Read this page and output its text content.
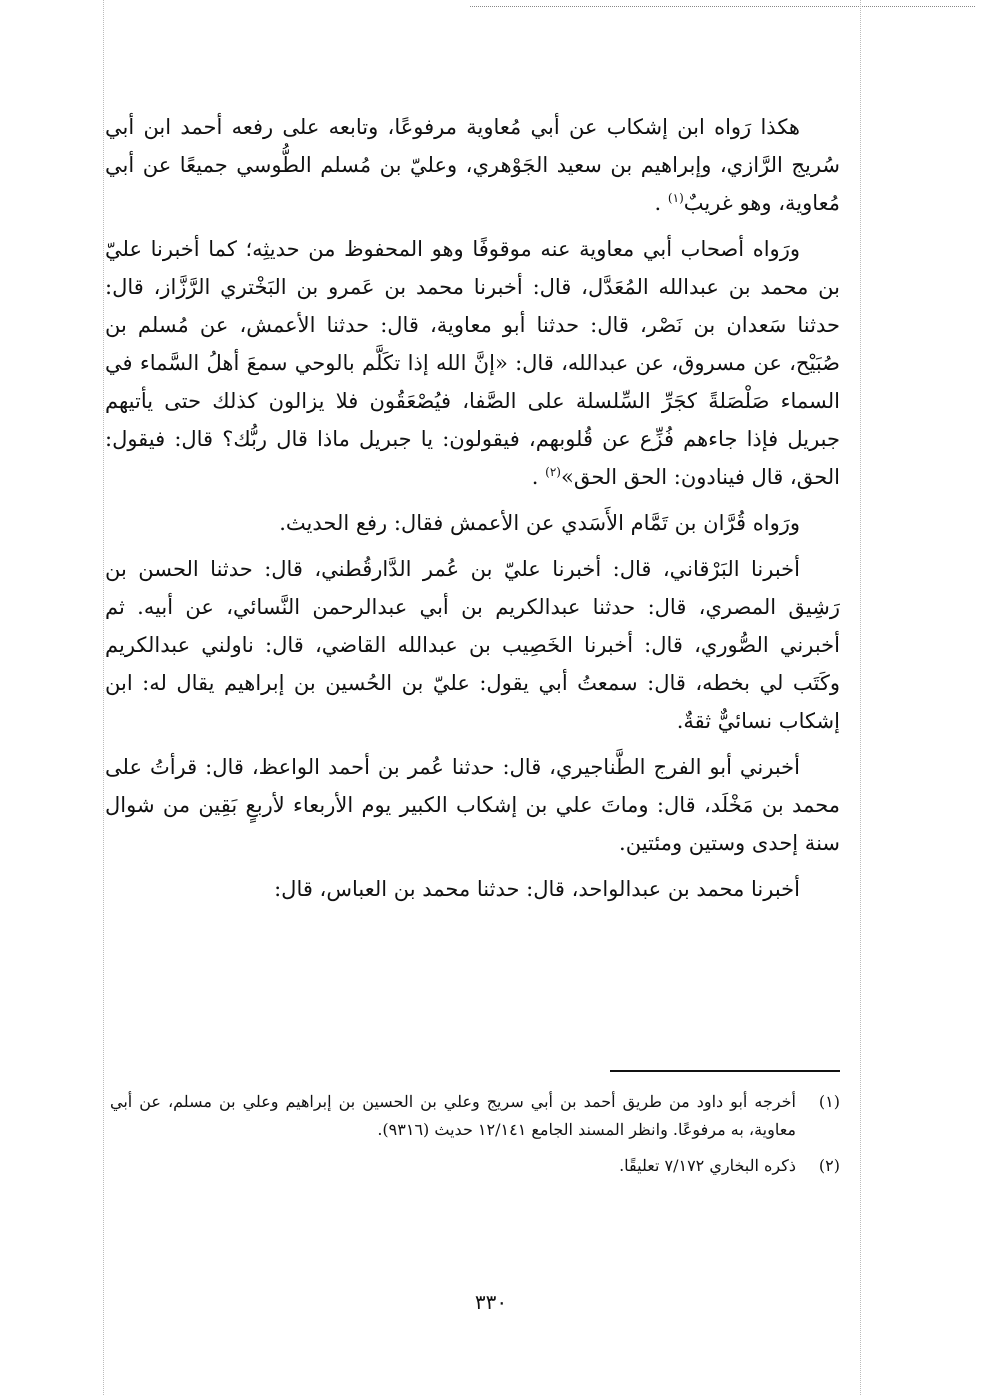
هكذا رَواه ابن إشكاب عن أبي مُعاوية مرفوعًا، وتابعه على رفعه أحمد ابن أبي سُريج الرَّازي، وإبراهيم بن سعيد الجَوْهري، وعليّ بن مُسلم الطُّوسي جميعًا عن أبي مُعاوية، وهو غريبٌ$^{(١)}$ .

ورَواه أصحاب أبي معاوية عنه موقوفًا وهو المحفوظ من حديثِه؛ كما أخبرنا عليّ بن محمد بن عبدالله المُعَدَّل، قال: أخبرنا محمد بن عَمرو بن البَخْتري الرَّزَّاز، قال: حدثنا سَعدان بن نَصْر، قال: حدثنا أبو معاوية، قال: حدثنا الأعمش، عن مُسلم بن صُبَيْح، عن مسروق، عن عبدالله، قال: «إنَّ الله إذا تكَلَّم بالوحي سمعَ أهلُ السَّماء في السماء صَلْصَلةً كجَرِّ السِّلسلة على الصَّفا، فيُصْعَقُون فلا يزالون كذلك حتى يأتيهم جبريل فإذا جاءهم فُزِّع عن قُلوبهم، فيقولون: يا جبريل ماذا قال ربُّك؟ قال: فيقول: الحق، قال فينادون: الحق الحق»$^{(٢)}$ .

ورَواه قُرَّان بن تَمَّام الأَسَدي عن الأعمش فقال: رفع الحديث.

أخبرنا البَرْقاني، قال: أخبرنا عليّ بن عُمر الدَّارقُطني، قال: حدثنا الحسن بن رَشِيق المصري، قال: حدثنا عبدالكريم بن أبي عبدالرحمن النَّسائي، عن أبيه. ثم أخبرني الصُّوري، قال: أخبرنا الخَصِيب بن عبدالله القاضي، قال: ناولني عبدالكريم وكَتَب لي بخطه، قال: سمعتُ أبي يقول: عليّ بن الحُسين بن إبراهيم يقال له: ابن إشكاب نسائيٌّ ثقةٌ.

أخبرني أبو الفرج الطَّناجيري، قال: حدثنا عُمر بن أحمد الواعظ، قال: قرأتُ على محمد بن مَخْلَد، قال: وماتَ علي بن إشكاب الكبير يوم الأربعاء لأربعٍ بَقِين من شوال سنة إحدى وستين ومئتين.

أخبرنا محمد بن عبدالواحد، قال: حدثنا محمد بن العباس، قال:

(١)
أخرجه أبو داود من طريق أحمد بن أبي سريج وعلي بن الحسين بن إبراهيم وعلي بن مسلم، عن أبي معاوية، به مرفوعًا. وانظر المسند الجامع ١٢/١٤١ حديث (٩٣١٦).
(٢)
ذكره البخاري ٧/١٧٢ تعليقًا.
٣٣٠
